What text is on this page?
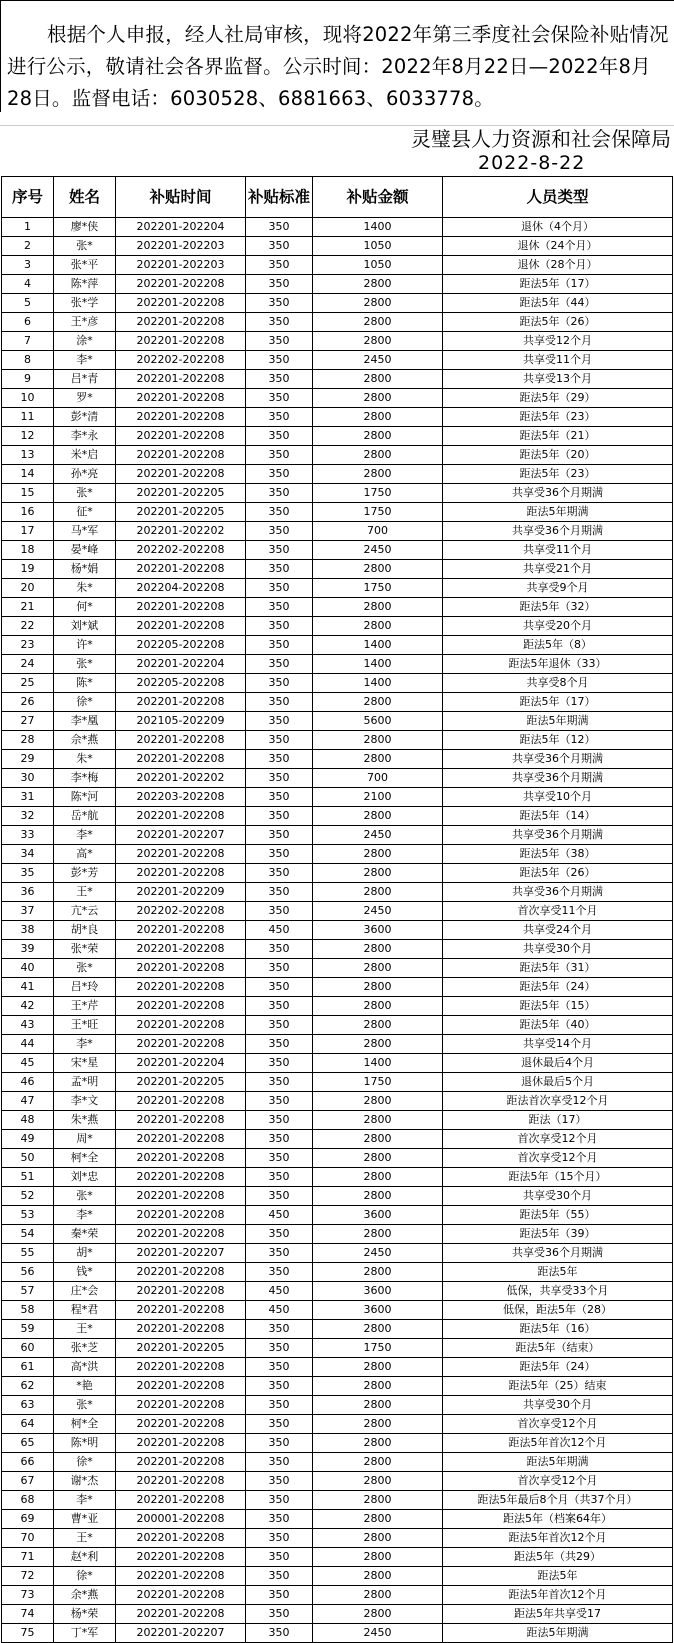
根据个人申报，经人社局审核，现将2022年第三季度社会保险补贴情况进行公示，敬请社会各界监督。公示时间：2022年8月22日—2022年8月28日。监督电话：6030528、6881663、6033778。

灵璧县人力资源和社会保障局
2022-8-22
序号	姓名	补贴时间	补贴标准	补贴金额	人员类型
1	廖*侠	202201-202204	350	1400	退休（4个月）
2	张*	202201-202203	350	1050	退休（24个月）
3	张*平	202201-202203	350	1050	退休（28个月）
4	陈*萍	202201-202208	350	2800	距法5年（17）
5	张*学	202201-202208	350	2800	距法5年（44）
6	王*彦	202201-202208	350	2800	距法5年（26）
7	涂*	202201-202208	350	2800	共享受12个月
8	李*	202202-202208	350	2450	共享受11个月
9	吕*青	202201-202208	350	2800	共享受13个月
10	罗*	202201-202208	350	2800	距法5年（29）
11	彭*清	202201-202208	350	2800	距法5年（23）
12	李*永	202201-202208	350	2800	距法5年（21）
13	米*启	202201-202208	350	2800	距法5年（20）
14	孙*亮	202201-202208	350	2800	距法5年（23）
15	张*	202201-202205	350	1750	共享受36个月期满
16	征*	202201-202205	350	1750	距法5年期满
17	马*军	202201-202202	350	700	共享受36个月期满
18	晏*峰	202202-202208	350	2450	共享受11个月
19	杨*娟	202201-202208	350	2800	共享受21个月
20	朱*	202204-202208	350	1750	共享受9个月
21	何*	202201-202208	350	2800	距法5年（32）
22	刘*斌	202201-202208	350	2800	共享受20个月
23	许*	202205-202208	350	1400	距法5年（8）
24	张*	202201-202204	350	1400	距法5年退休（33）
25	陈*	202205-202208	350	1400	共享受8个月
26	徐*	202201-202208	350	2800	距法5年（17）
27	李*凰	202105-202209	350	5600	距法5年期满
28	佘*燕	202201-202208	350	2800	距法5年（12）
29	朱*	202201-202208	350	2800	共享受36个月期满
30	李*梅	202201-202202	350	700	共享受36个月期满
31	陈*河	202203-202208	350	2100	共享受10个月
32	岳*航	202201-202208	350	2800	距法5年（14）
33	李*	202201-202207	350	2450	共享受36个月期满
34	高*	202201-202208	350	2800	距法5年（38）
35	彭*芳	202201-202208	350	2800	距法5年（26）
36	王*	202201-202209	350	2800	共享受36个月期满
37	亢*云	202202-202208	350	2450	首次享受11个月
38	胡*良	202201-202208	450	3600	共享受24个月
39	张*荣	202201-202208	350	2800	共享受30个月
40	张*	202201-202208	350	2800	距法5年（31）
41	吕*玲	202201-202208	350	2800	距法5年（24）
42	王*芹	202201-202208	350	2800	距法5年（15）
43	王*旺	202201-202208	350	2800	距法5年（40）
44	李*	202201-202208	350	2800	共享受14个月
45	宋*星	202201-202204	350	1400	退休最后4个月
46	孟*明	202201-202205	350	1750	退休最后5个月
47	李*文	202201-202208	350	2800	距法首次享受12个月
48	朱*燕	202201-202208	350	2800	距法（17）
49	周*	202201-202208	350	2800	首次享受12个月
50	柯*全	202201-202208	350	2800	首次享受12个月
51	刘*忠	202201-202208	350	2800	距法5年（15个月）
52	张*	202201-202208	350	2800	共享受30个月
53	李*	202201-202208	450	3600	距法5年（55）
54	秦*荣	202201-202208	350	2800	距法5年（39）
55	胡*	202201-202207	350	2450	共享受36个月期满
56	钱*	202201-202208	350	2800	距法5年
57	庄*会	202201-202208	450	3600	低保，共享受33个月
58	程*君	202201-202208	450	3600	低保，距法5年（28）
59	王*	202201-202208	350	2800	距法5年（16）
60	张*芝	202201-202205	350	1750	距法5年（结束）
61	高*洪	202201-202208	350	2800	距法5年（24）
62	*艳	202201-202208	350	2800	距法5年（25）结束
63	张*	202201-202208	350	2800	共享受30个月
64	柯*全	202201-202208	350	2800	首次享受12个月
65	陈*明	202201-202208	350	2800	距法5年首次12个月
66	徐*	202201-202208	350	2800	距法5年期满
67	谢*杰	202201-202208	350	2800	首次享受12个月
68	李*	202201-202208	350	2800	距法5年最后8个月（共37个月）
69	曹*亚	200001-202208	350	2800	距法5年（档案64年）
70	王*	202201-202208	350	2800	距法5年首次12个月
71	赵*利	202201-202208	350	2800	距法5年（共29）
72	徐*	202201-202208	350	2800	距法5年
73	余*燕	202201-202208	350	2800	距法5年首次12个月
74	杨*荣	202201-202208	350	2800	距法5年共享受17
75	丁*军	202201-202207	350	2450	距法5年期满
